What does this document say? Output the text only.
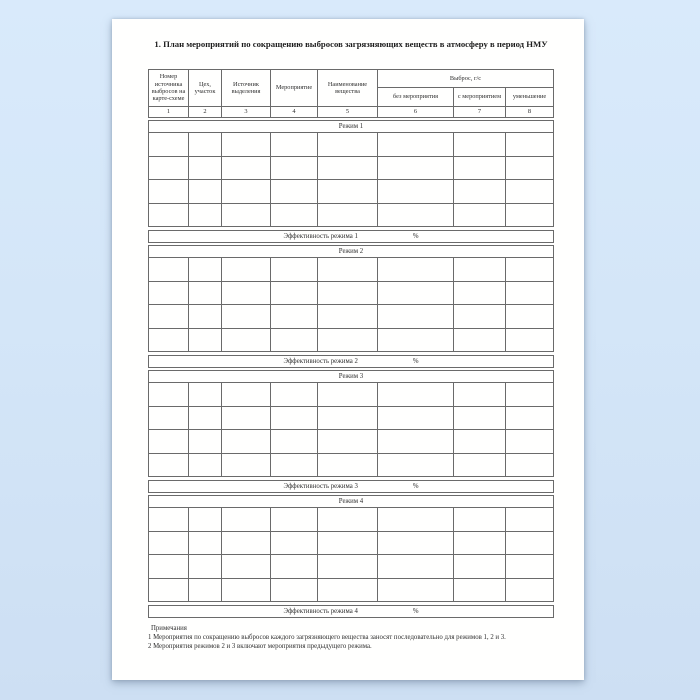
1. План мероприятий по сокращению выбросов загрязняющих веществ в атмосферу в период НМУ
Номер источника выбросов на карте-схеме	Цех, участок	Источник выделения	Мероприятие	Наименование вещества	Выброс, г/с		
					без мероприятия	с мероприятием	уменьшение
1	2	3	4	5	6	7	8
Режим 1

Эффективность режима 1	%
Режим 2

Эффективность режима 2	%
Режим 3

Эффективность режима 3	%
Режим 4

Эффективность режима 4	%
Примечания
1 Мероприятия по сокращению выбросов каждого загрязняющего вещества заносят последовательно для режимов 1, 2 и 3.
2 Мероприятия режимов 2 и 3 включают мероприятия предыдущего режима.
